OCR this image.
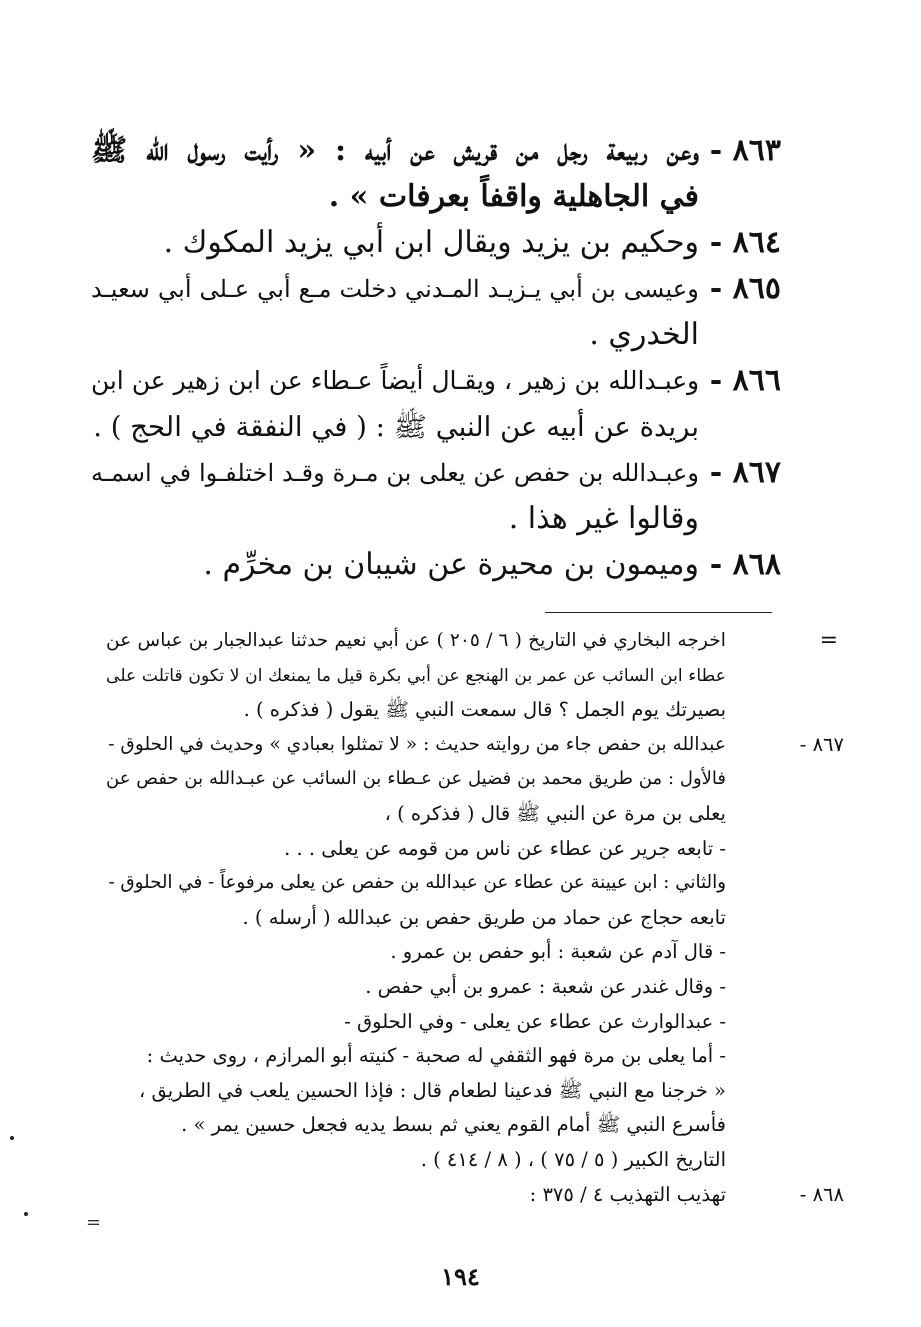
٨٦٣ -
وعن ربيعة رجل من قريش عن أبيه : « رأيت رسول الله ﷺ
في الجاهلية واقفاً بعرفات » .
٨٦٤ -
وحكيم بن يزيد ويقال ابن أبي يزيد المكوك .
٨٦٥ -
وعيسى بن أبي يـزيـد المـدني دخلت مـع أبي عـلى أبي سعيـد
الخدري .
٨٦٦ -
وعبـدالله بن زهير ، ويقـال أيضاً عـطاء عن ابن زهير عن ابن
بريدة عن أبيه عن النبي ﷺ : ( في النفقة في الحج ) .
٨٦٧ -
وعبـدالله بن حفص عن يعلى بن مـرة وقـد اختلفـوا في اسمـه
وقالوا غير هذا .
٨٦٨ -
وميمون بن محيرة عن شيبان بن مخرِّم .
=
اخرجه البخاري في التاريخ ( ٦ / ٢٠٥ ) عن أبي نعيم حدثنا عبدالجبار بن عباس عن
عطاء ابن السائب عن عمر بن الهنجع عن أبي بكرة قيل ما يمنعك ان لا تكون قاتلت على
بصيرتك يوم الجمل ؟ قال سمعت النبي ﷺ يقول ( فذكره ) .
٨٦٧ -
عبدالله بن حفص جاء من روايته حديث : « لا تمثلوا بعبادي » وحديث في الحلوق -
فالأول : من طريق محمد بن فضيل عن عـطاء بن السائب عن عبـدالله بن حفص عن
يعلى بن مرة عن النبي ﷺ قال ( فذكره ) ،
- تابعه جرير عن عطاء عن ناس من قومه عن يعلى . . .
والثاني : ابن عيينة عن عطاء عن عبدالله بن حفص عن يعلى مرفوعاً - في الحلوق -
تابعه حجاج عن حماد من طريق حفص بن عبدالله ( أرسله ) .
- قال آدم عن شعبة : أبو حفص بن عمرو .
- وقال غندر عن شعبة : عمرو بن أبي حفص .
- عبدالوارث عن عطاء عن يعلى - وفي الحلوق -
- أما يعلى بن مرة فهو الثقفي له صحبة - كنيته أبو المرازم ، روى حديث :
« خرجنا مع النبي ﷺ فدعينا لطعام قال : فإذا الحسين يلعب في الطريق ،
فأسرع النبي ﷺ أمام القوم يعني ثم بسط يديه فجعل حسين يمر » .
التاريخ الكبير ( ٥ / ٧٥ ) ، ( ٨ / ٤١٤ ) .
٨٦٨ -
تهذيب التهذيب ٤ / ٣٧٥ :
=
١٩٤
